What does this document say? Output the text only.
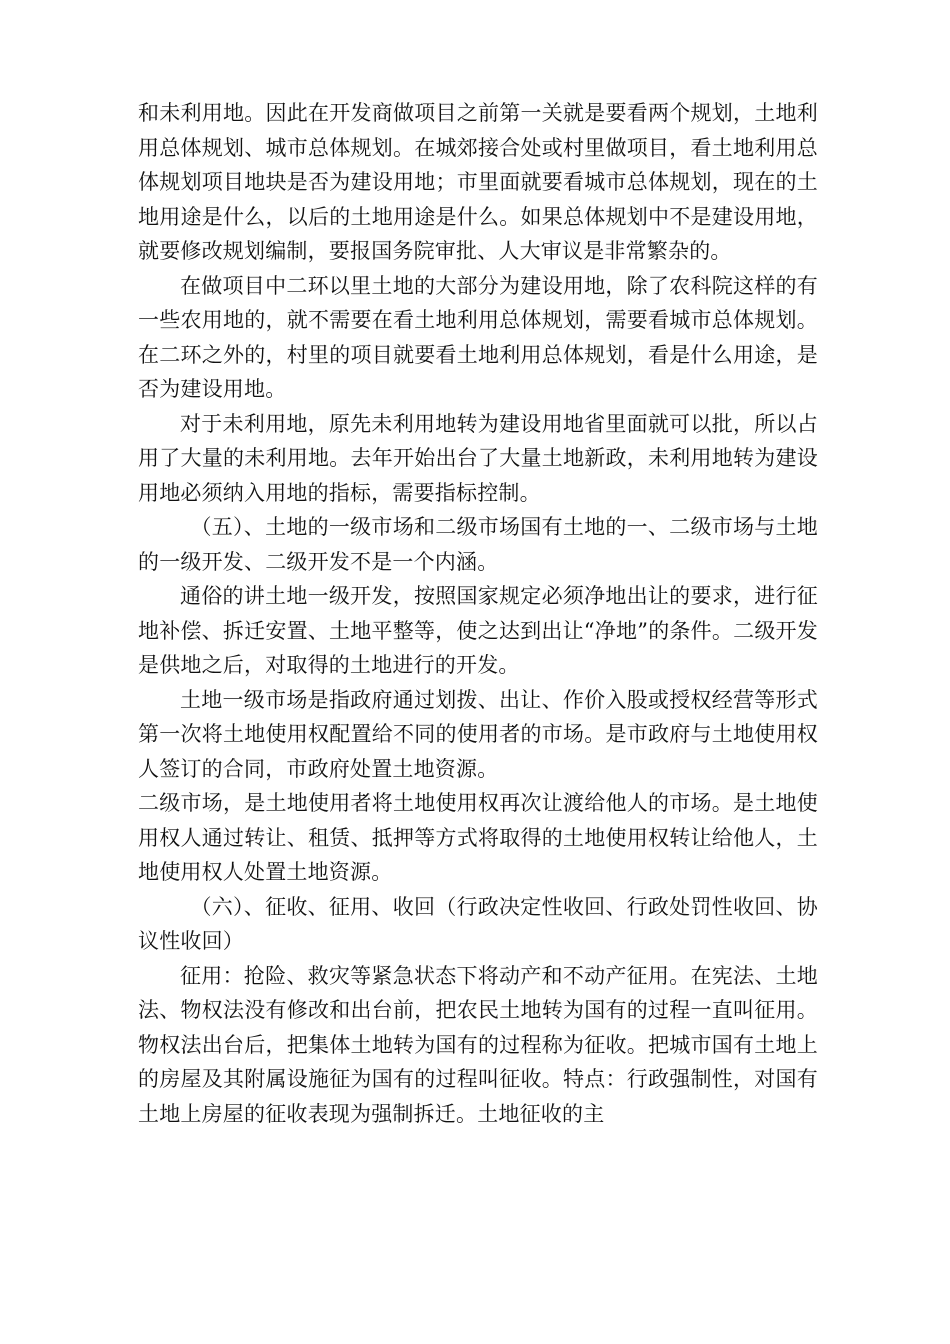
和未利用地。因此在开发商做项目之前第一关就是要看两个规划，土地利用总体规划、城市总体规划。在城郊接合处或村里做项目，看土地利用总体规划项目地块是否为建设用地；市里面就要看城市总体规划，现在的土地用途是什么，以后的土地用途是什么。如果总体规划中不是建设用地，就要修改规划编制，要报国务院审批、人大审议是非常繁杂的。

在做项目中二环以里土地的大部分为建设用地，除了农科院这样的有一些农用地的，就不需要在看土地利用总体规划，需要看城市总体规划。在二环之外的，村里的项目就要看土地利用总体规划，看是什么用途，是否为建设用地。

对于未利用地，原先未利用地转为建设用地省里面就可以批，所以占用了大量的未利用地。去年开始出台了大量土地新政，未利用地转为建设用地必须纳入用地的指标，需要指标控制。

（五）、土地的一级市场和二级市场国有土地的一、二级市场与土地的一级开发、二级开发不是一个内涵。

通俗的讲土地一级开发，按照国家规定必须净地出让的要求，进行征地补偿、拆迁安置、土地平整等，使之达到出让“净地”的条件。二级开发是供地之后，对取得的土地进行的开发。

土地一级市场是指政府通过划拨、出让、作价入股或授权经营等形式第一次将土地使用权配置给不同的使用者的市场。是市政府与土地使用权人签订的合同，市政府处置土地资源。

二级市场，是土地使用者将土地使用权再次让渡给他人的市场。是土地使用权人通过转让、租赁、抵押等方式将取得的土地使用权转让给他人，土地使用权人处置土地资源。

（六）、征收、征用、收回（行政决定性收回、行政处罚性收回、协议性收回）

征用：抢险、救灾等紧急状态下将动产和不动产征用。在宪法、土地法、物权法没有修改和出台前，把农民土地转为国有的过程一直叫征用。物权法出台后，把集体土地转为国有的过程称为征收。把城市国有土地上的房屋及其附属设施征为国有的过程叫征收。特点：行政强制性，对国有土地上房屋的征收表现为强制拆迁。土地征收的主
